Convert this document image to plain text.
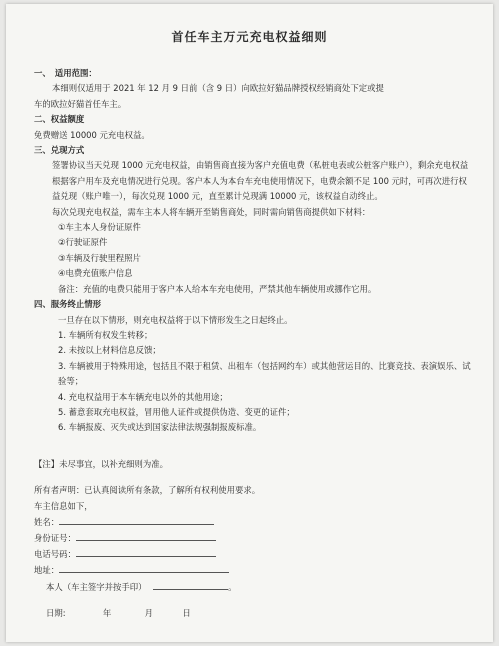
首任车主万元充电权益细则
一、　适用范围：
本细则仅适用于 2021 年 12 月 9 日前（含 9 日）向欧拉好猫品牌授权经销商处下定或提
车的欧拉好猫首任车主。
二、权益额度
免费赠送 10000 元充电权益。
三、兑现方式
签署协议当天兑现 1000 元充电权益，由销售商直接为客户充值电费（私桩电表或公桩客户账户），剩余充电权益根据客户用车及充电情况进行兑现。客户本人为本台车充电使用情况下，电费余额不足 100 元时，可再次进行权益兑现（账户唯一），每次兑现 1000 元，直至累计兑现满 10000 元，该权益自动终止。
每次兑现充电权益，需车主本人将车辆开至销售商处，同时需向销售商提供如下材料：
①车主本人身份证原件
②行驶证原件
③车辆及行驶里程照片
④电费充值账户信息
备注：充值的电费只能用于客户本人给本车充电使用，严禁其他车辆使用或挪作它用。
四、服务终止情形
一旦存在以下情形，则充电权益将于以下情形发生之日起终止。
1. 车辆所有权发生转移；
2. 未按以上材料信息反馈；
3. 车辆被用于特殊用途，包括且不限于租赁、出租车（包括网约车）或其他营运目的、比赛竞技、表演娱乐、试验等；
4. 充电权益用于本车辆充电以外的其他用途；
5. 蓄意套取充电权益，冒用他人证件或提供伪造、变更的证件；
6. 车辆报废、灭失或达到国家法律法规强制报废标准。
【注】未尽事宜，以补充细则为准。
所有者声明：已认真阅读所有条款，了解所有权利使用要求。
车主信息如下，
姓名：
身份证号：
电话号码：
地址：
本人（车主签字并按手印）	。
日期:	年	月	日
